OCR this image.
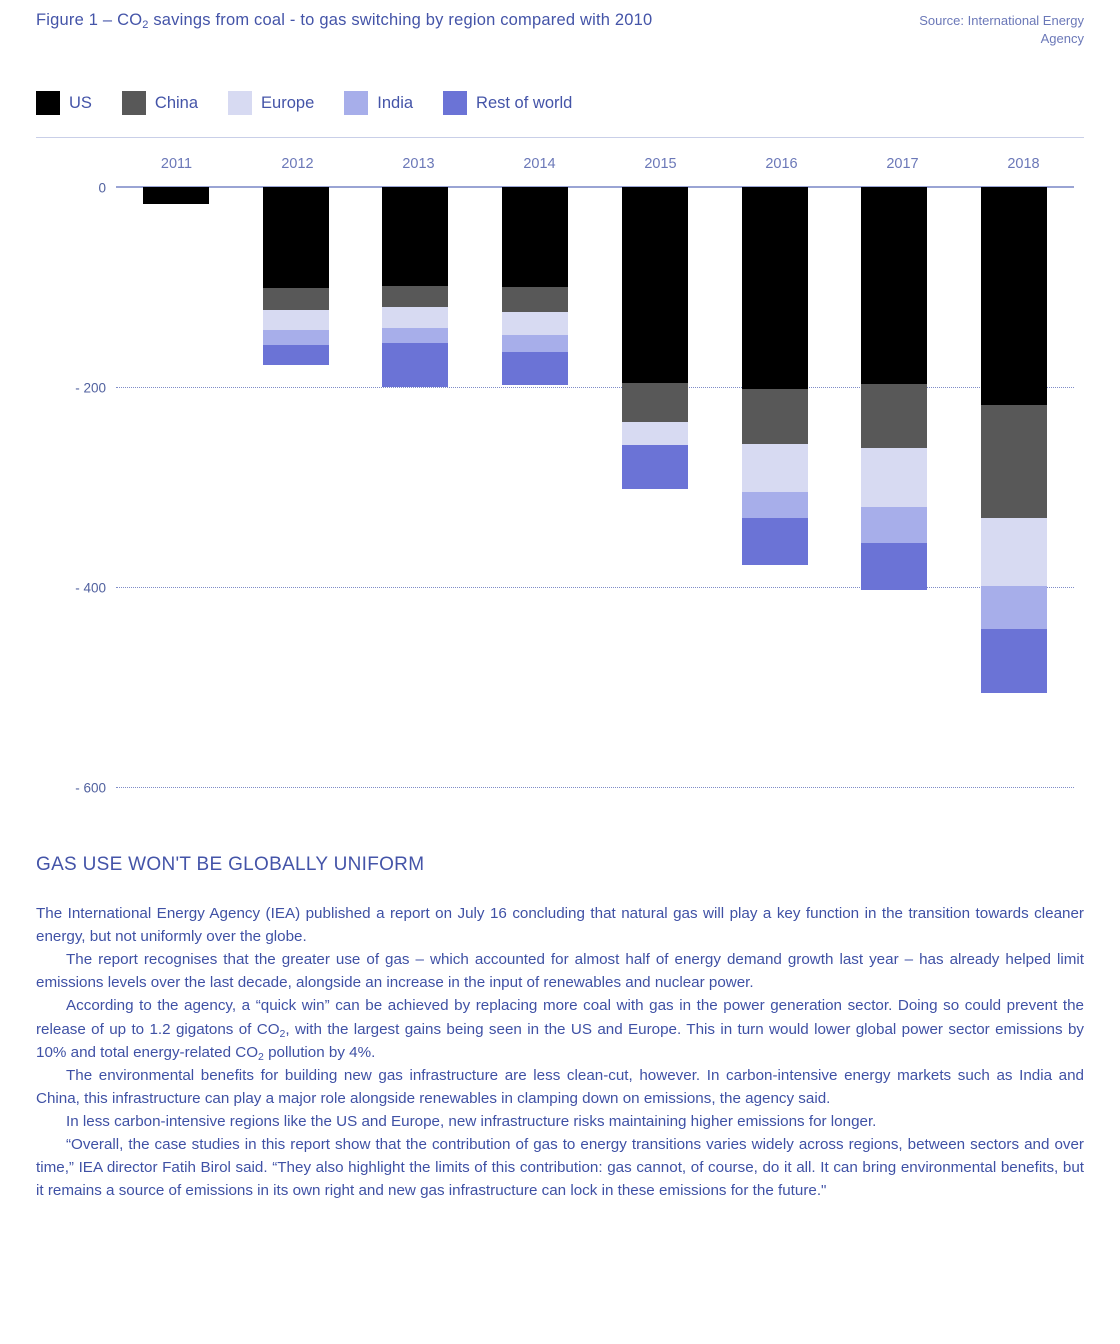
Figure $1 - CO_2$ savings from coal - to gas switching by region compared with 2010	Source: International Energy Agency
US	China	Europe	India	Rest of world
2011	2012	2013	2014	2015	2016	2017	2018
0
- 200
- 400
- 600
GAS USE WON'T BE GLOBALLY UNIFORM

The International Energy Agency (IEA) published a report on July 16 concluding that natural gas will play a key function in the transition towards cleaner energy, but not uniformly over the globe.

The report recognises that the greater use of gas – which accounted for almost half of energy demand growth last year – has already helped limit emissions levels over the last decade, alongside an increase in the input of renewables and nuclear power.

According to the agency, a “quick win” can be achieved by replacing more coal with gas in the power generation sector. Doing so could prevent the release of up to 1.2 gigatons of $CO_2$, with the largest gains being seen in the US and Europe. This in turn would lower global power sector emissions by 10% and total energy-related $CO_2$ pollution by 4%.

The environmental benefits for building new gas infrastructure are less clean-cut, however. In carbon-intensive energy markets such as India and China, this infrastructure can play a major role alongside renewables in clamping down on emissions, the agency said.

In less carbon-intensive regions like the US and Europe, new infrastructure risks maintaining higher emissions for longer.

“Overall, the case studies in this report show that the contribution of gas to energy transitions varies widely across regions, between sectors and over time,” IEA director Fatih Birol said. “They also highlight the limits of this contribution: gas cannot, of course, do it all. It can bring environmental benefits, but it remains a source of emissions in its own right and new gas infrastructure can lock in these emissions for the future."
